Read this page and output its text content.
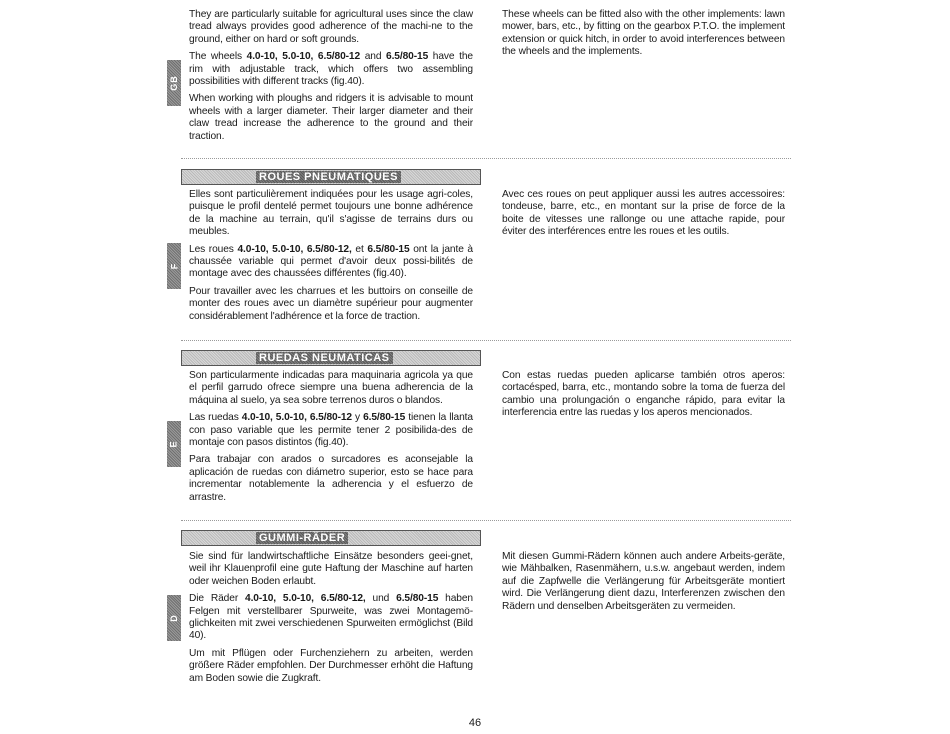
GB

They are particularly suitable for agricultural uses since the claw tread always provides good adherence of the machi-ne to the ground, either on hard or soft grounds.

The wheels 4.0-10, 5.0-10, 6.5/80-12 and 6.5/80-15 have the rim with adjustable track, which offers two assembling possibilities with different tracks (fig.40).

When working with ploughs and ridgers it is advisable to mount wheels with a larger diameter. Their larger diameter and their claw tread increase the adherence to the ground and their traction.

These wheels can be fitted also with the other implements: lawn mower, bars, etc., by fitting on the gearbox P.T.O. the implement extension or quick hitch, in order to avoid interferences between the wheels and the implements.

ROUES PNEUMATIQUES
F

Elles sont particulièrement indiquées pour les usage agri-coles, puisque le profil dentelé permet toujours une bonne adhérence de la machine au terrain, qu'il s'agisse de terrains durs ou meubles.

Les roues 4.0-10, 5.0-10, 6.5/80-12, et 6.5/80-15 ont la jante à chaussée variable qui permet d'avoir deux possi-bilités de montage avec des chaussées différentes (fig.40).

Pour travailler avec les charrues et les buttoirs on conseille de monter des roues avec un diamètre supérieur pour augmenter considérablement l'adhérence et la force de traction.

Avec ces roues on peut appliquer aussi les autres accessoires: tondeuse, barre, etc., en montant sur la prise de force de la boite de vitesses une rallonge ou une attache rapide, pour éviter des interférences entre les roues et les outils.

RUEDAS NEUMATICAS
E

Son particularmente indicadas para maquinaria agricola ya que el perfil garrudo ofrece siempre una buena adherencia de la máquina al suelo, ya sea sobre terrenos duros o blandos.

Las ruedas 4.0-10, 5.0-10, 6.5/80-12 y 6.5/80-15 tienen la llanta con paso variable que les permite tener 2 posibilida-des de montaje con pasos distintos (fig.40).

Para trabajar con arados o surcadores es aconsejable la aplicación de ruedas con diámetro superior, esto se hace para incrementar notablemente la adherencia y el esfuerzo de arrastre.

Con estas ruedas pueden aplicarse también otros aperos: cortacésped, barra, etc., montando sobre la toma de fuerza del cambio una prolungación o enganche rápido, para evitar la interferencia entre las ruedas y los aperos mencionados.

GUMMI-RÄDER
D

Sie sind für landwirtschaftliche Einsätze besonders geei-gnet, weil ihr Klauenprofil eine gute Haftung der Maschine auf harten oder weichen Boden erlaubt.

Die Räder 4.0-10, 5.0-10, 6.5/80-12, und 6.5/80-15 haben Felgen mit verstellbarer Spurweite, was zwei Montagemö-glichkeiten mit zwei verschiedenen Spurweiten ermöglichst (Bild 40).

Um mit Pflügen oder Furchenziehern zu arbeiten, werden größere Räder empfohlen. Der Durchmesser erhöht die Haftung am Boden sowie die Zugkraft.

Mit diesen Gummi-Rädern können auch andere Arbeits-geräte, wie Mähbalken, Rasenmähern, u.s.w. angebaut werden, indem auf die Zapfwelle die Verlängerung für Arbeitsgeräte montiert wird. Die Verlängerung dient dazu, Interferenzen zwischen den Rädern und denselben Arbeitsgeräten zu vermeiden.

46
